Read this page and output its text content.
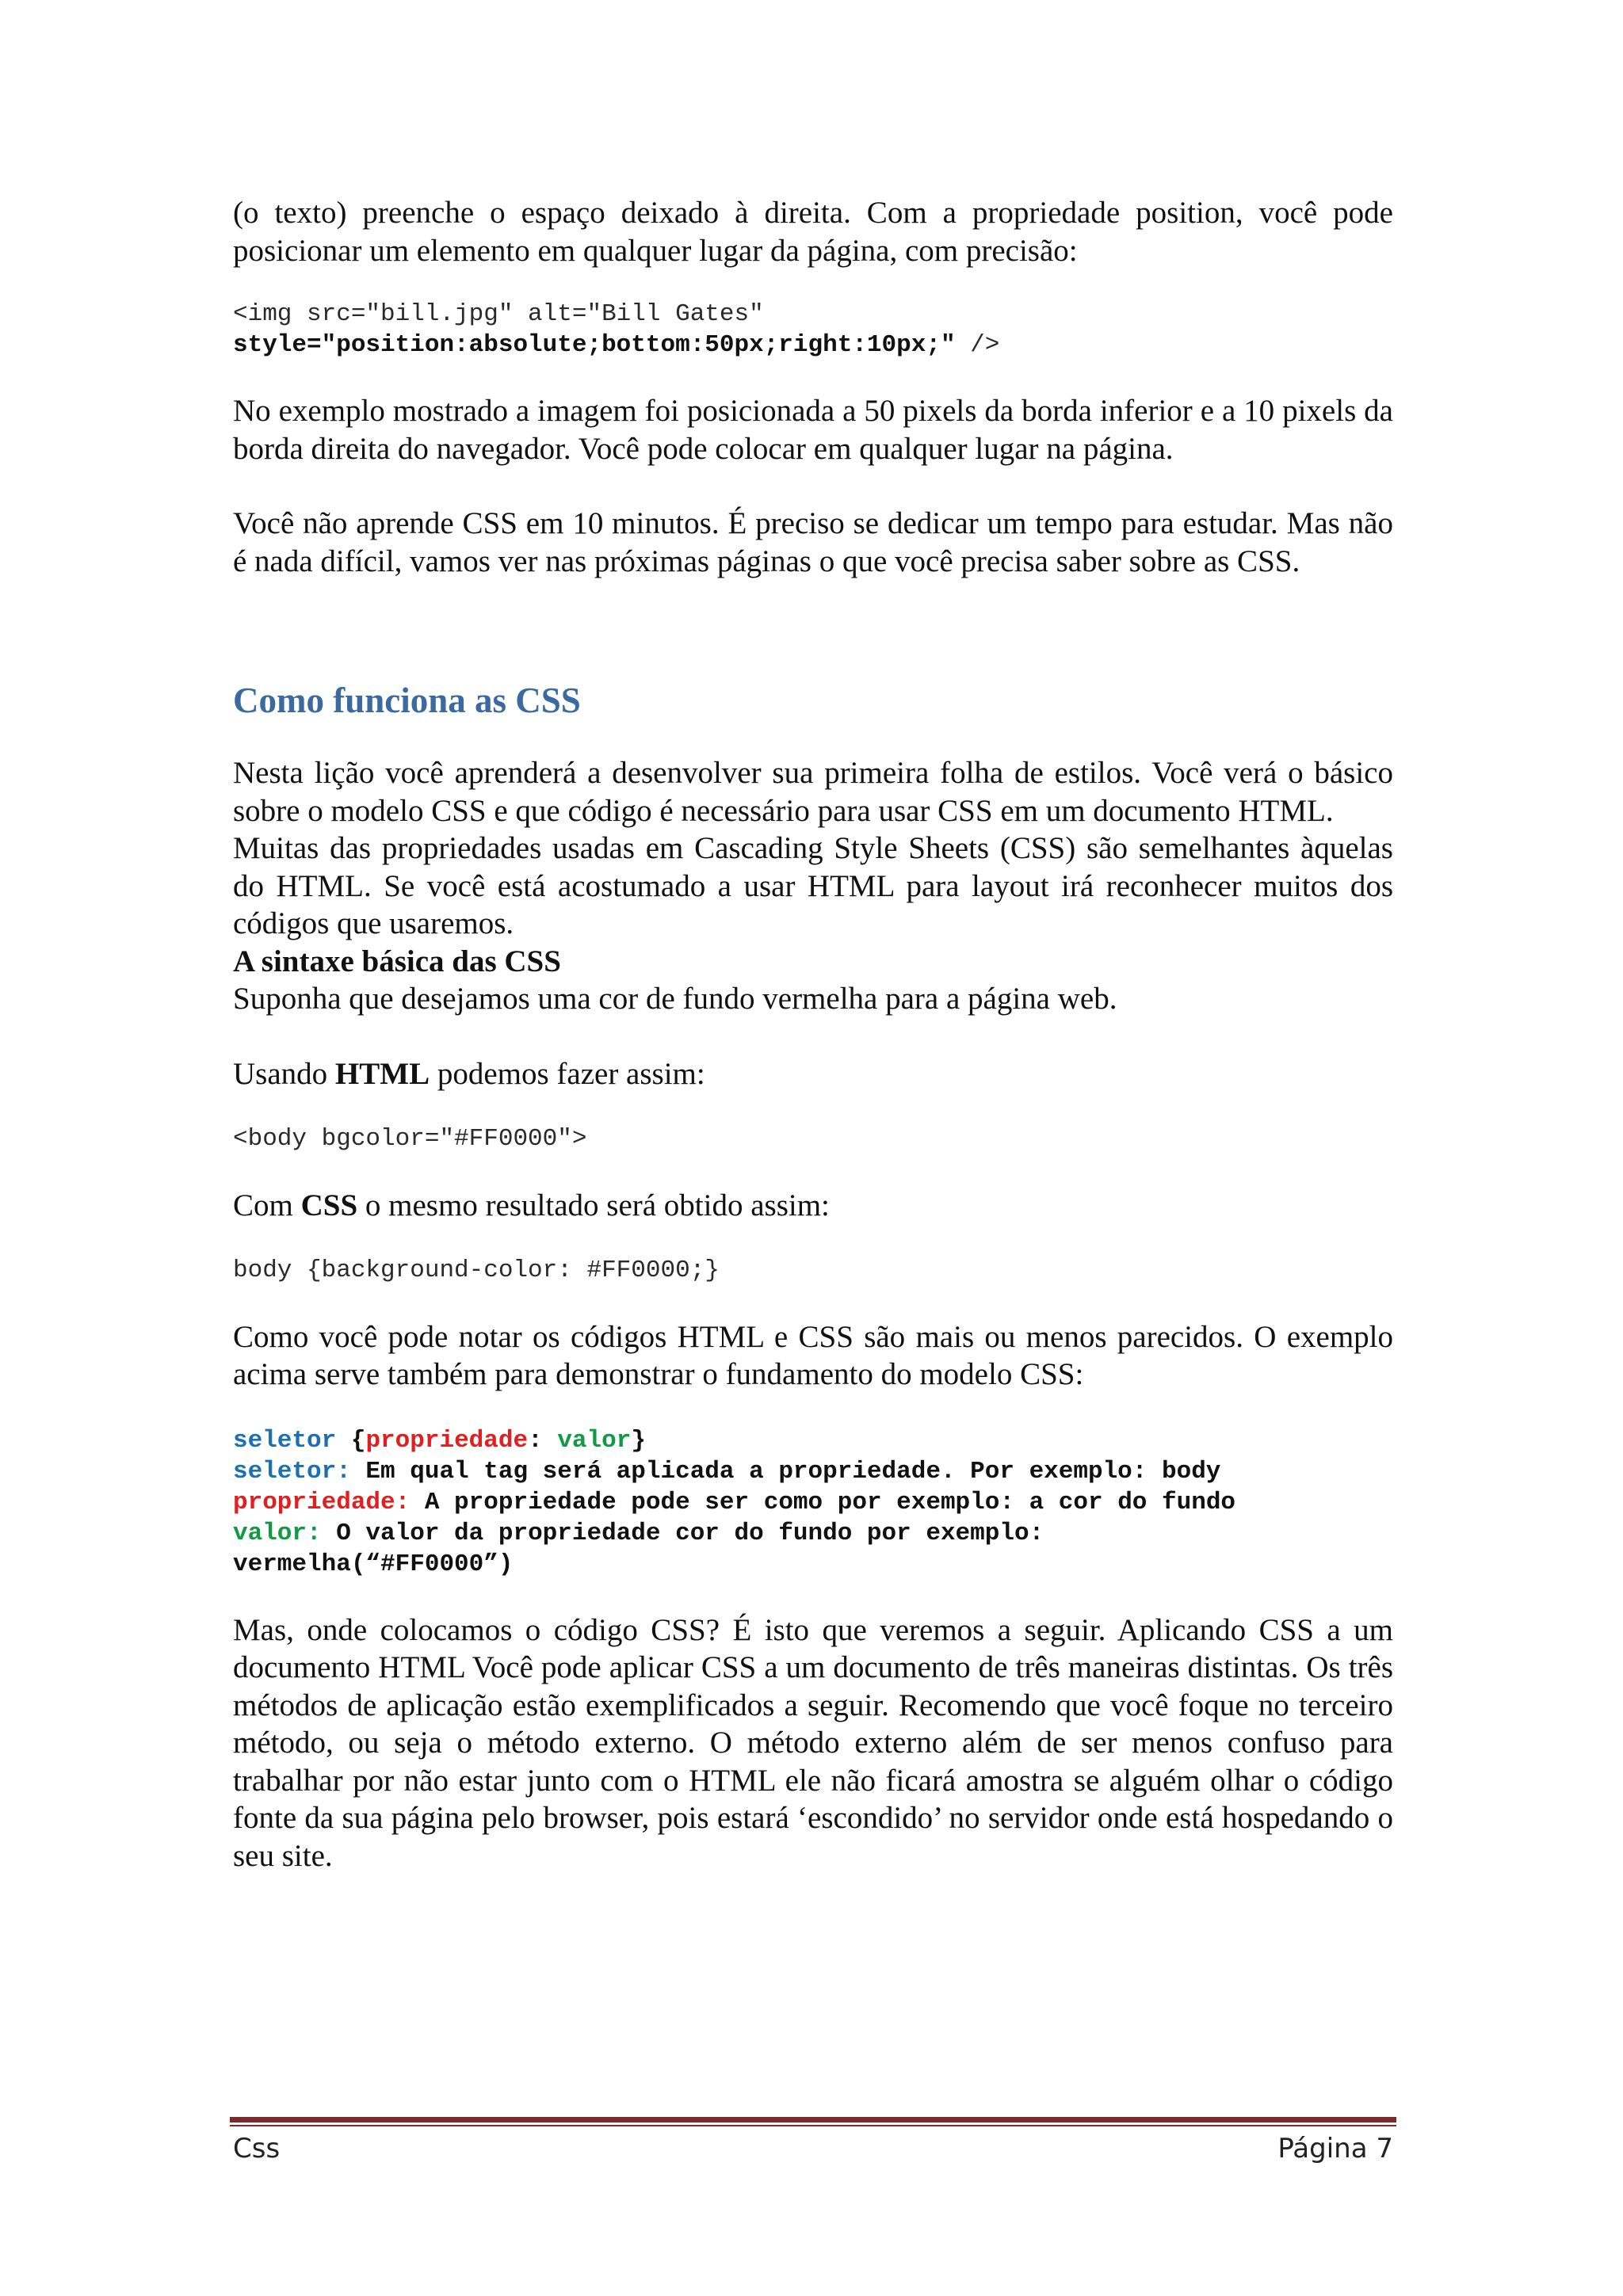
(o texto) preenche o espaço deixado à direita. Com a propriedade position, você pode posicionar um elemento em qualquer lugar da página, com precisão:

<img src="bill.jpg" alt="Bill Gates"
style="position:absolute;bottom:50px;right:10px;" />

No exemplo mostrado a imagem foi posicionada a 50 pixels da borda inferior e a 10 pixels da borda direita do navegador. Você pode colocar em qualquer lugar na página.

Você não aprende CSS em 10 minutos. É preciso se dedicar um tempo para estudar. Mas não é nada difícil, vamos ver nas próximas páginas o que você precisa saber sobre as CSS.

Como funciona as CSS

Nesta lição você aprenderá a desenvolver sua primeira folha de estilos. Você verá o básico sobre o modelo CSS e que código é necessário para usar CSS em um documento HTML.

Muitas das propriedades usadas em Cascading Style Sheets (CSS) são semelhantes àquelas do HTML. Se você está acostumado a usar HTML para layout irá reconhecer muitos dos códigos que usaremos.

A sintaxe básica das CSS

Suponha que desejamos uma cor de fundo vermelha para a página web.

Usando HTML podemos fazer assim:

<body bgcolor="#FF0000">

Com CSS o mesmo resultado será obtido assim:

body {background-color: #FF0000;}

Como você pode notar os códigos HTML e CSS são mais ou menos parecidos. O exemplo acima serve também para demonstrar o fundamento do modelo CSS:

seletor {propriedade: valor}
seletor: Em qual tag será aplicada a propriedade. Por exemplo: body
propriedade: A propriedade pode ser como por exemplo: a cor do fundo
valor: O valor da propriedade cor do fundo por exemplo:
vermelha(“#FF0000”)

Mas, onde colocamos o código CSS? É isto que veremos a seguir. Aplicando CSS a um documento HTML Você pode aplicar CSS a um documento de três maneiras distintas. Os três métodos de aplicação estão exemplificados a seguir. Recomendo que você foque no terceiro método, ou seja o método externo. O método externo além de ser menos confuso para trabalhar por não estar junto com o HTML ele não ficará amostra se alguém olhar o código fonte da sua página pelo browser, pois estará ‘escondido’ no servidor onde está hospedando o seu site.

Css	Página 7
